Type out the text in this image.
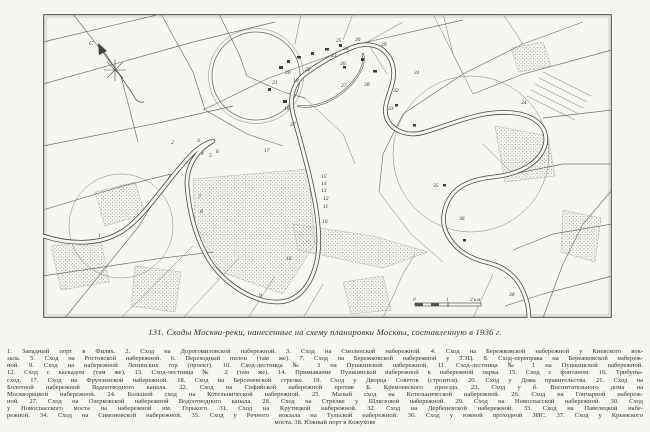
С
0	1	2 км
1
2	3
4 5
6
7
8
9
10
11
12
13
14
15
16
17
18
19
20
21
22
23
24
25 26
27	28
29
30
31
32
33
34
35
36
37
38
131. Сходы Москва-реки, нанесенные на схему планировки Москвы, составленную в 1936 г.
1. Западный порт в Филях. 2. Сход на Дорогомиловской набережной. 3. Сход на Смоленской набережной. 4. Сход на Бережковской набережной у Киевского вок-
зала. 5. Сход на Ростовской набережной. 6. Переходный пилон (там же). 7. Сход на Бережковской набережной у ТЭЦ. 8. Сход-переправа на Бережковской набереж-
ной. 9. Сход на набережной Ленинских гор (проект). 10. Сход-лестница № 3 на Пушкинской набережной. 11. Сход-лестница № 1 на Пушкинской набережной.
12. Сход с каскадом (там же). 13. Сход-лестница № 2 (там же). 14. Примыкание Пушкинской набережной к набережной парка. 15. Сход с фонтаном. 16. Трибуны-
сход. 17. Сход на Фрунзенской набережной. 18. Сход на Берсеневской стрелке. 19. Сход у Дворца Советов (строится). 20. Сход у Дома правительства. 21. Сход на
Болотной набережной Водоотводного канала. 22. Сход на Софийской набережной против Б. Кремлевского проезда. 23. Сход у б. Воспитательного дома на
Москворецкой набережной. 24. Большой сход на Котельнической набережной. 25. Малый сход на Котельнической набережной. 26. Сход на Гончарной набереж-
ной. 27. Сход на Озерковской набережной Водоотводного канала. 28. Сход на Стрелке у Шлюзовой набережной. 29. Сход на Новоспасской набережной. 30. Сход
у Новоспасского моста на набережной им. Горького. 31. Сход на Крутицкой набережной. 32. Сход на Дербеневской набережной. 33. Сход на Павелецкой набе-
режной. 34. Сход на Симоновской набережной. 35. Сход у Речного вокзала на Тульской набережной. 36. Сход у южной проходной ЗИС. 37. Сход у Крымского
моста. 38. Южный порт в Кожухове
